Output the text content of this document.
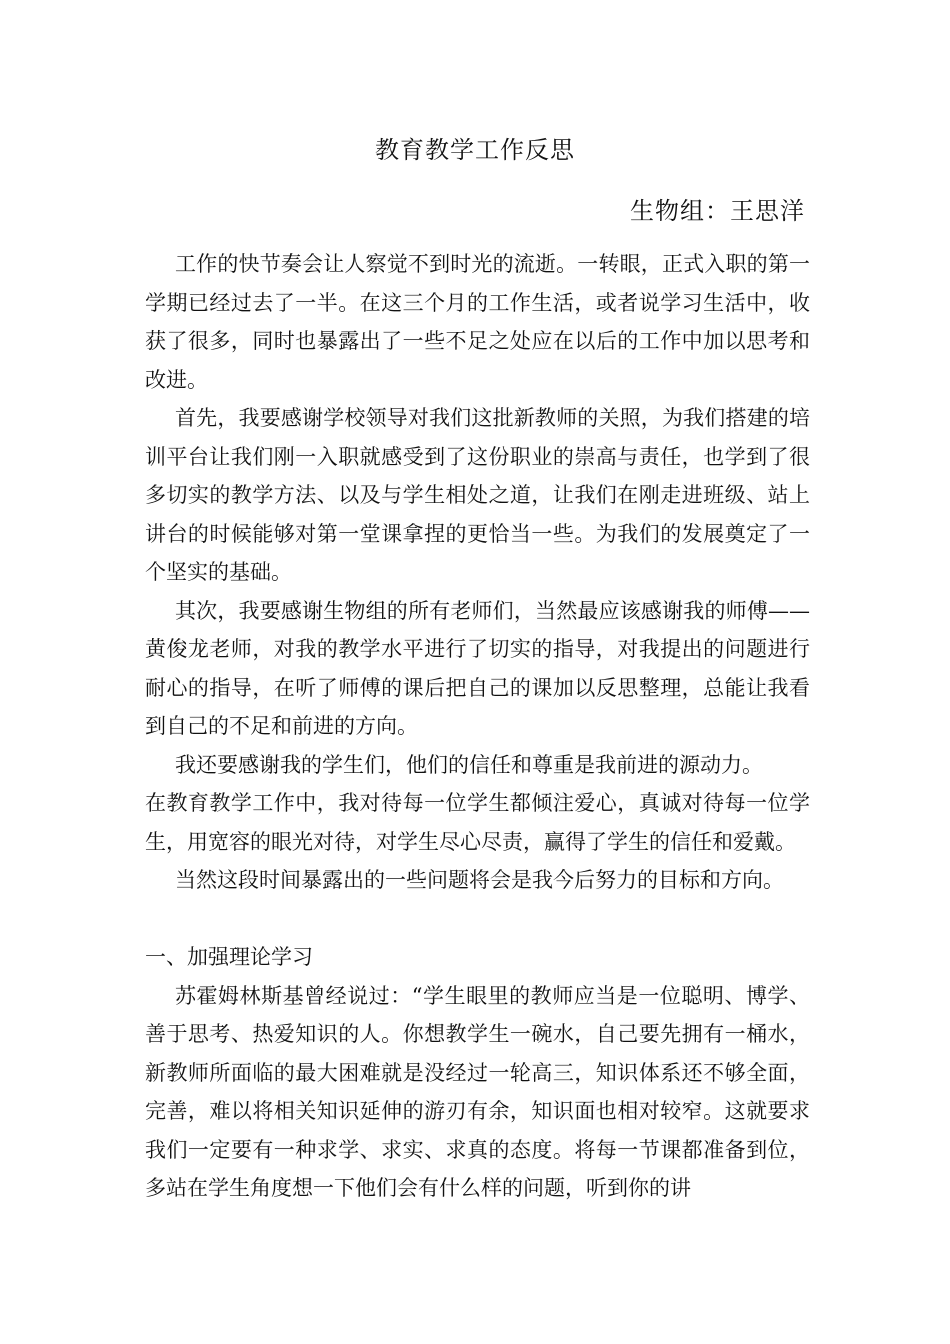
教育教学工作反思
生物组：王思洋

工作的快节奏会让人察觉不到时光的流逝。一转眼，正式入职的第一学期已经过去了一半。在这三个月的工作生活，或者说学习生活中，收获了很多，同时也暴露出了一些不足之处应在以后的工作中加以思考和改进。

首先，我要感谢学校领导对我们这批新教师的关照，为我们搭建的培训平台让我们刚一入职就感受到了这份职业的崇高与责任，也学到了很多切实的教学方法、以及与学生相处之道，让我们在刚走进班级、站上讲台的时候能够对第一堂课拿捏的更恰当一些。为我们的发展奠定了一个坚实的基础。

其次，我要感谢生物组的所有老师们，当然最应该感谢我的师傅——黄俊龙老师，对我的教学水平进行了切实的指导，对我提出的问题进行耐心的指导，在听了师傅的课后把自己的课加以反思整理，总能让我看到自己的不足和前进的方向。

我还要感谢我的学生们，他们的信任和尊重是我前进的源动力。

在教育教学工作中，我对待每一位学生都倾注爱心，真诚对待每一位学生，用宽容的眼光对待，对学生尽心尽责，赢得了学生的信任和爱戴。

当然这段时间暴露出的一些问题将会是我今后努力的目标和方向。

一、加强理论学习

苏霍姆林斯基曾经说过：“学生眼里的教师应当是一位聪明、博学、善于思考、热爱知识的人。你想教学生一碗水，自己要先拥有一桶水，新教师所面临的最大困难就是没经过一轮高三，知识体系还不够全面，完善，难以将相关知识延伸的游刃有余，知识面也相对较窄。这就要求我们一定要有一种求学、求实、求真的态度。将每一节课都准备到位，多站在学生角度想一下他们会有什么样的问题，听到你的讲
